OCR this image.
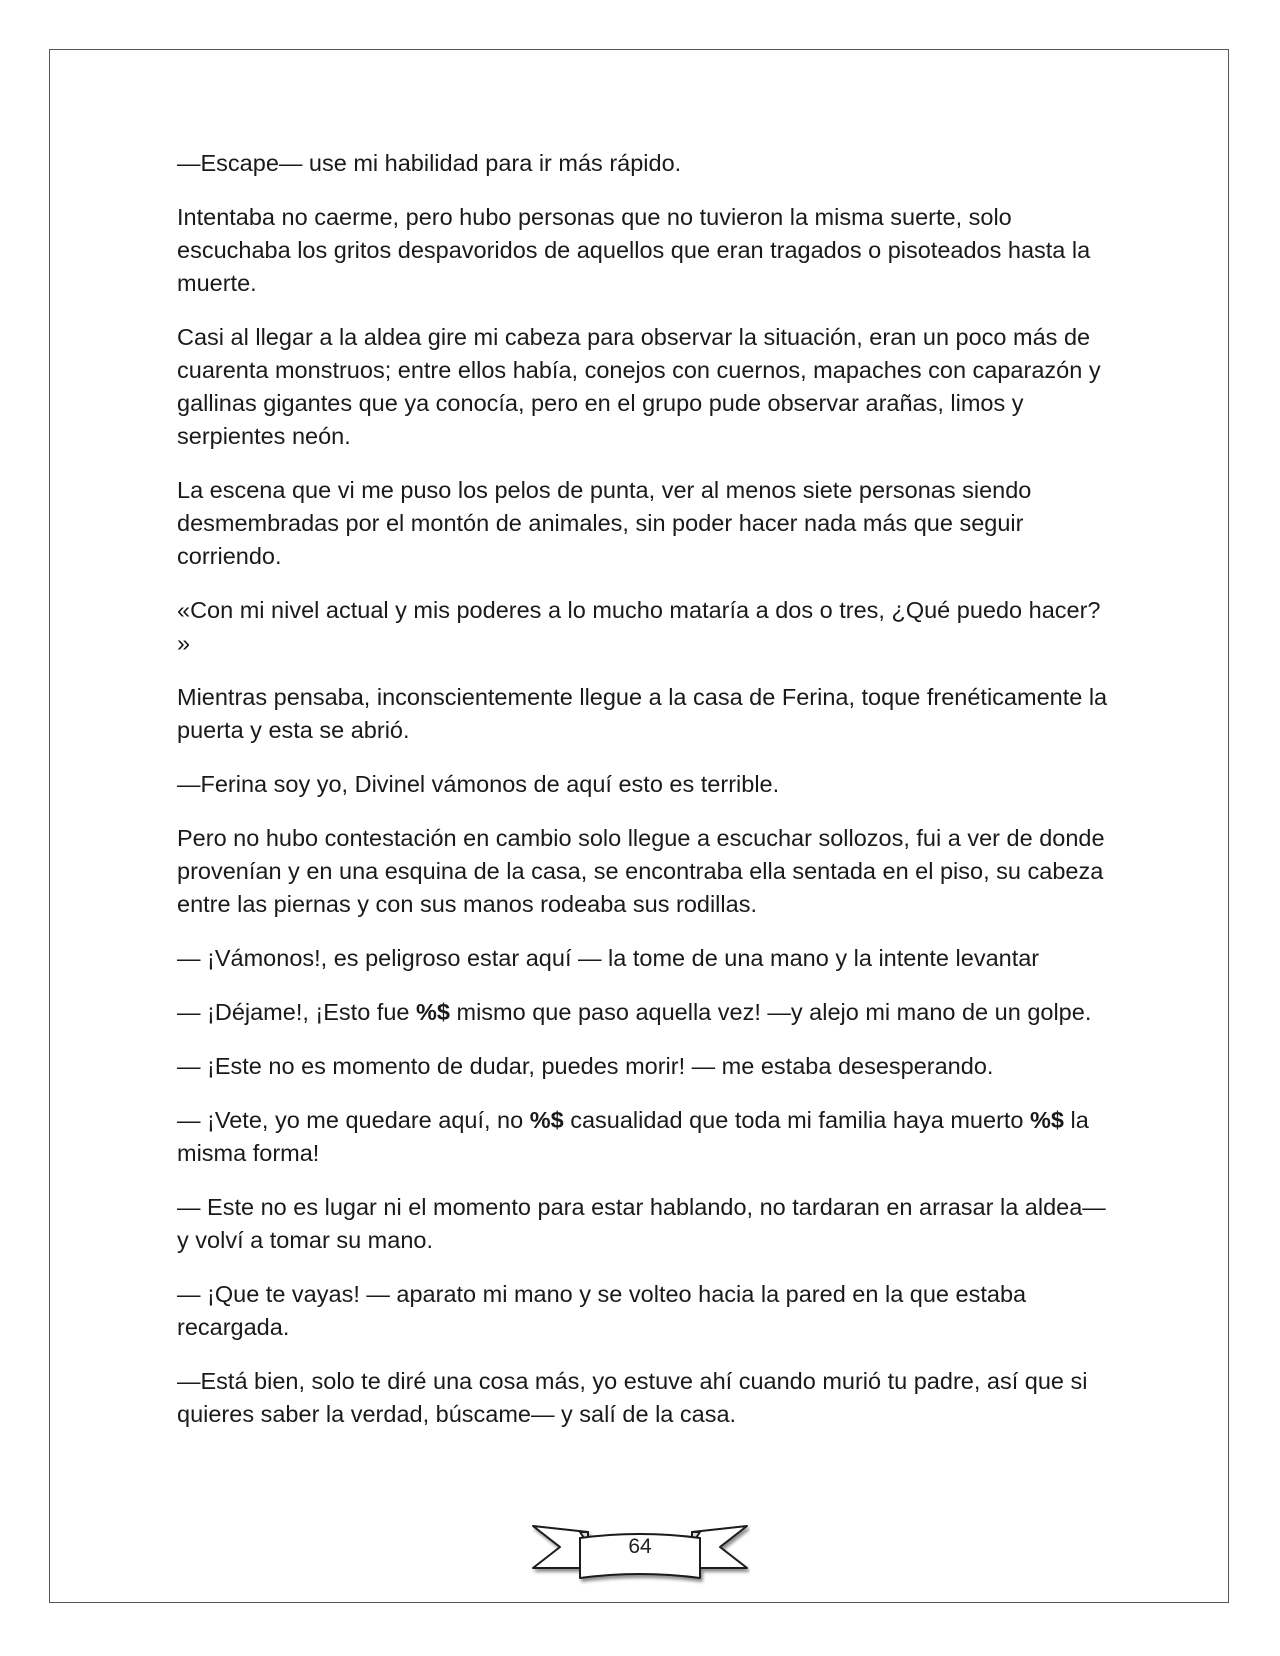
—Escape— use mi habilidad para ir más rápido.

Intentaba no caerme, pero hubo personas que no tuvieron la misma suerte, solo escuchaba los gritos despavoridos de aquellos que eran tragados o pisoteados hasta la muerte.

Casi al llegar a la aldea gire mi cabeza para observar la situación, eran un poco más de cuarenta monstruos; entre ellos había, conejos con cuernos, mapaches con caparazón y gallinas gigantes que ya conocía, pero en el grupo pude observar arañas, limos y serpientes neón.

La escena que vi me puso los pelos de punta, ver al menos siete personas siendo desmembradas por el montón de animales, sin poder hacer nada más que seguir corriendo.

«Con mi nivel actual y mis poderes a lo mucho mataría a dos o tres, ¿Qué puedo hacer? »

Mientras pensaba, inconscientemente llegue a la casa de Ferina, toque frenéticamente la puerta y esta se abrió.

—Ferina soy yo, Divinel vámonos de aquí esto es terrible.

Pero no hubo contestación en cambio solo llegue a escuchar sollozos, fui a ver de donde provenían y en una esquina de la casa, se encontraba ella sentada en el piso, su cabeza entre las piernas y con sus manos rodeaba sus rodillas.

— ¡Vámonos!, es peligroso estar aquí — la tome de una mano y la intente levantar

— ¡Déjame!, ¡Esto fue %$ mismo que paso aquella vez! —y alejo mi mano de un golpe.

— ¡Este no es momento de dudar, puedes morir! — me estaba desesperando.

— ¡Vete, yo me quedare aquí, no %$ casualidad que toda mi familia haya muerto %$ la misma forma!

— Este no es lugar ni el momento para estar hablando, no tardaran en arrasar la aldea— y volví a tomar su mano.

— ¡Que te vayas! — aparato mi mano y se volteo hacia la pared en la que estaba recargada.

—Está bien, solo te diré una cosa más, yo estuve ahí cuando murió tu padre, así que si quieres saber la verdad, búscame— y salí de la casa.

64
